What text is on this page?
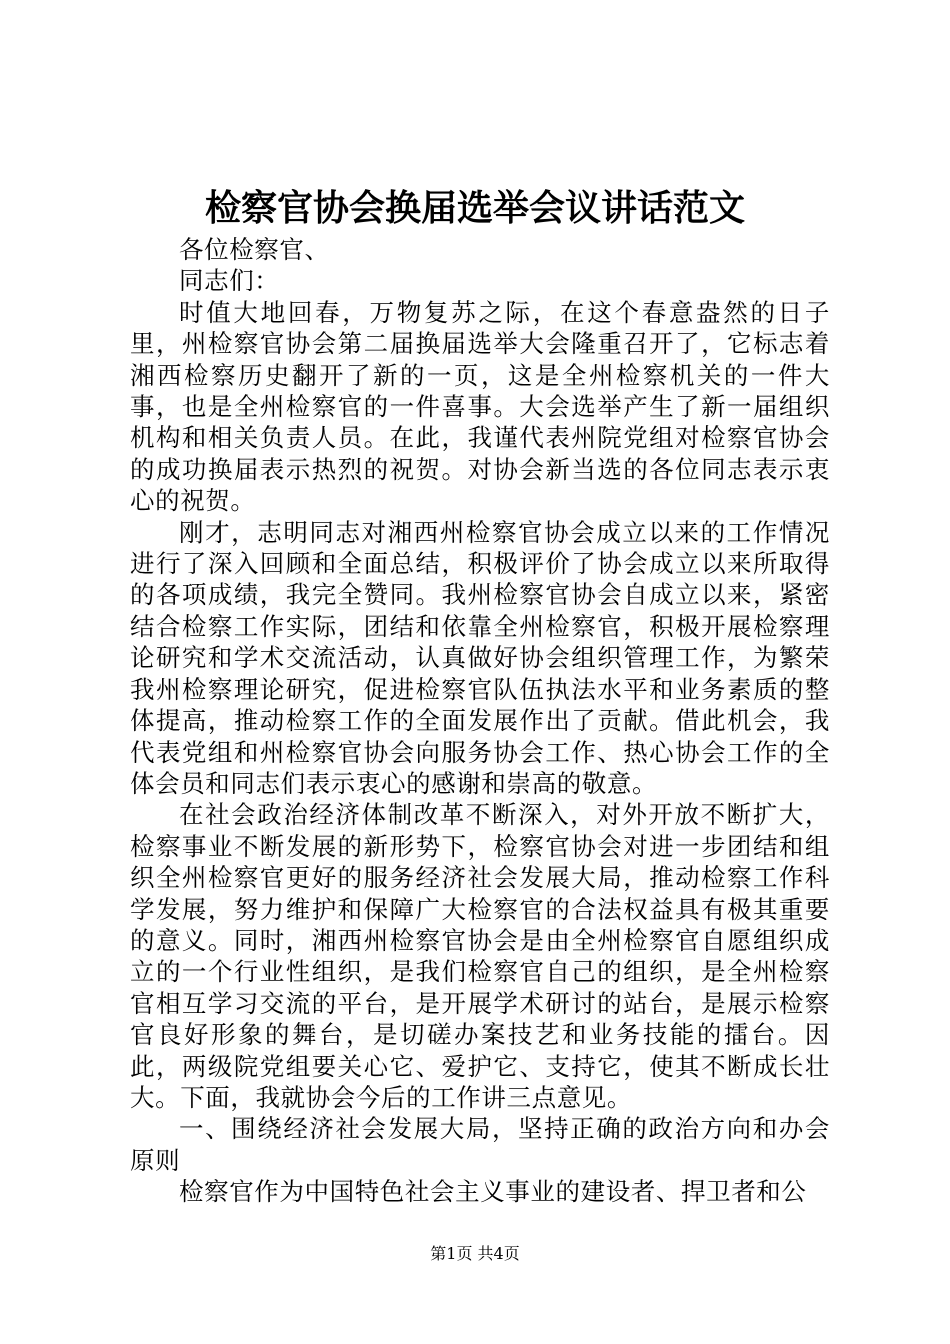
检察官协会换届选举会议讲话范文

各位检察官、

同志们：

时值大地回春，万物复苏之际，在这个春意盎然的日子里，州检察官协会第二届换届选举大会隆重召开了，它标志着湘西检察历史翻开了新的一页，这是全州检察机关的一件大事，也是全州检察官的一件喜事。大会选举产生了新一届组织机构和相关负责人员。在此，我谨代表州院党组对检察官协会的成功换届表示热烈的祝贺。对协会新当选的各位同志表示衷心的祝贺。

刚才，志明同志对湘西州检察官协会成立以来的工作情况进行了深入回顾和全面总结，积极评价了协会成立以来所取得的各项成绩，我完全赞同。我州检察官协会自成立以来，紧密结合检察工作实际，团结和依靠全州检察官，积极开展检察理论研究和学术交流活动，认真做好协会组织管理工作，为繁荣我州检察理论研究，促进检察官队伍执法水平和业务素质的整体提高，推动检察工作的全面发展作出了贡献。借此机会，我代表党组和州检察官协会向服务协会工作、热心协会工作的全体会员和同志们表示衷心的感谢和崇高的敬意。

在社会政治经济体制改革不断深入，对外开放不断扩大，检察事业不断发展的新形势下，检察官协会对进一步团结和组织全州检察官更好的服务经济社会发展大局，推动检察工作科学发展，努力维护和保障广大检察官的合法权益具有极其重要的意义。同时，湘西州检察官协会是由全州检察官自愿组织成立的一个行业性组织，是我们检察官自己的组织，是全州检察官相互学习交流的平台，是开展学术研讨的站台，是展示检察官良好形象的舞台，是切磋办案技艺和业务技能的擂台。因此，两级院党组要关心它、爱护它、支持它，使其不断成长壮大。下面，我就协会今后的工作讲三点意见。

一、围绕经济社会发展大局，坚持正确的政治方向和办会原则

检察官作为中国特色社会主义事业的建设者、捍卫者和公

第1页 共4页
